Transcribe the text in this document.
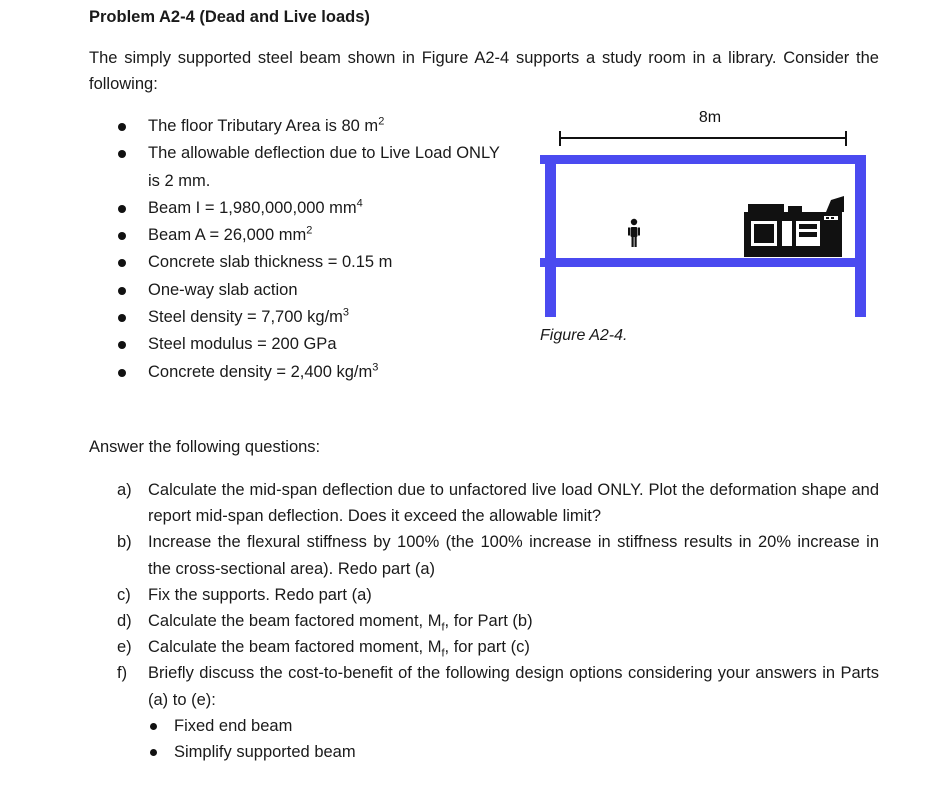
Problem A2-4 (Dead and Live loads)
The simply supported steel beam shown in Figure A2-4 supports a study room in a library. Consider the following:
The floor Tributary Area is 80 $m^2$
The allowable deflection due to Live Load ONLY is 2 mm.
Beam I = 1,980,000,000 $mm^4$
Beam A = 26,000 $mm^2$
Concrete slab thickness = 0.15 m
One-way slab action
Steel density = 7,700 $kg/m^3$
Steel modulus = 200 GPa
Concrete density = 2,400 $kg/m^3$
8m
Figure A2-4.
Answer the following questions:
a) Calculate the mid-span deflection due to unfactored live load ONLY. Plot the deformation shape and report mid-span deflection. Does it exceed the allowable limit?
b) Increase the flexural stiffness by 100% (the 100% increase in stiffness results in 20% increase in the cross-sectional area). Redo part (a)
c) Fix the supports. Redo part (a)
d) Calculate the beam factored moment, $M_f$, for Part (b)
e) Calculate the beam factored moment, $M_f$, for part (c)
f) Briefly discuss the cost-to-benefit of the following design options considering your answers in Parts (a) to (e):
Fixed end beam
Simplify supported beam
